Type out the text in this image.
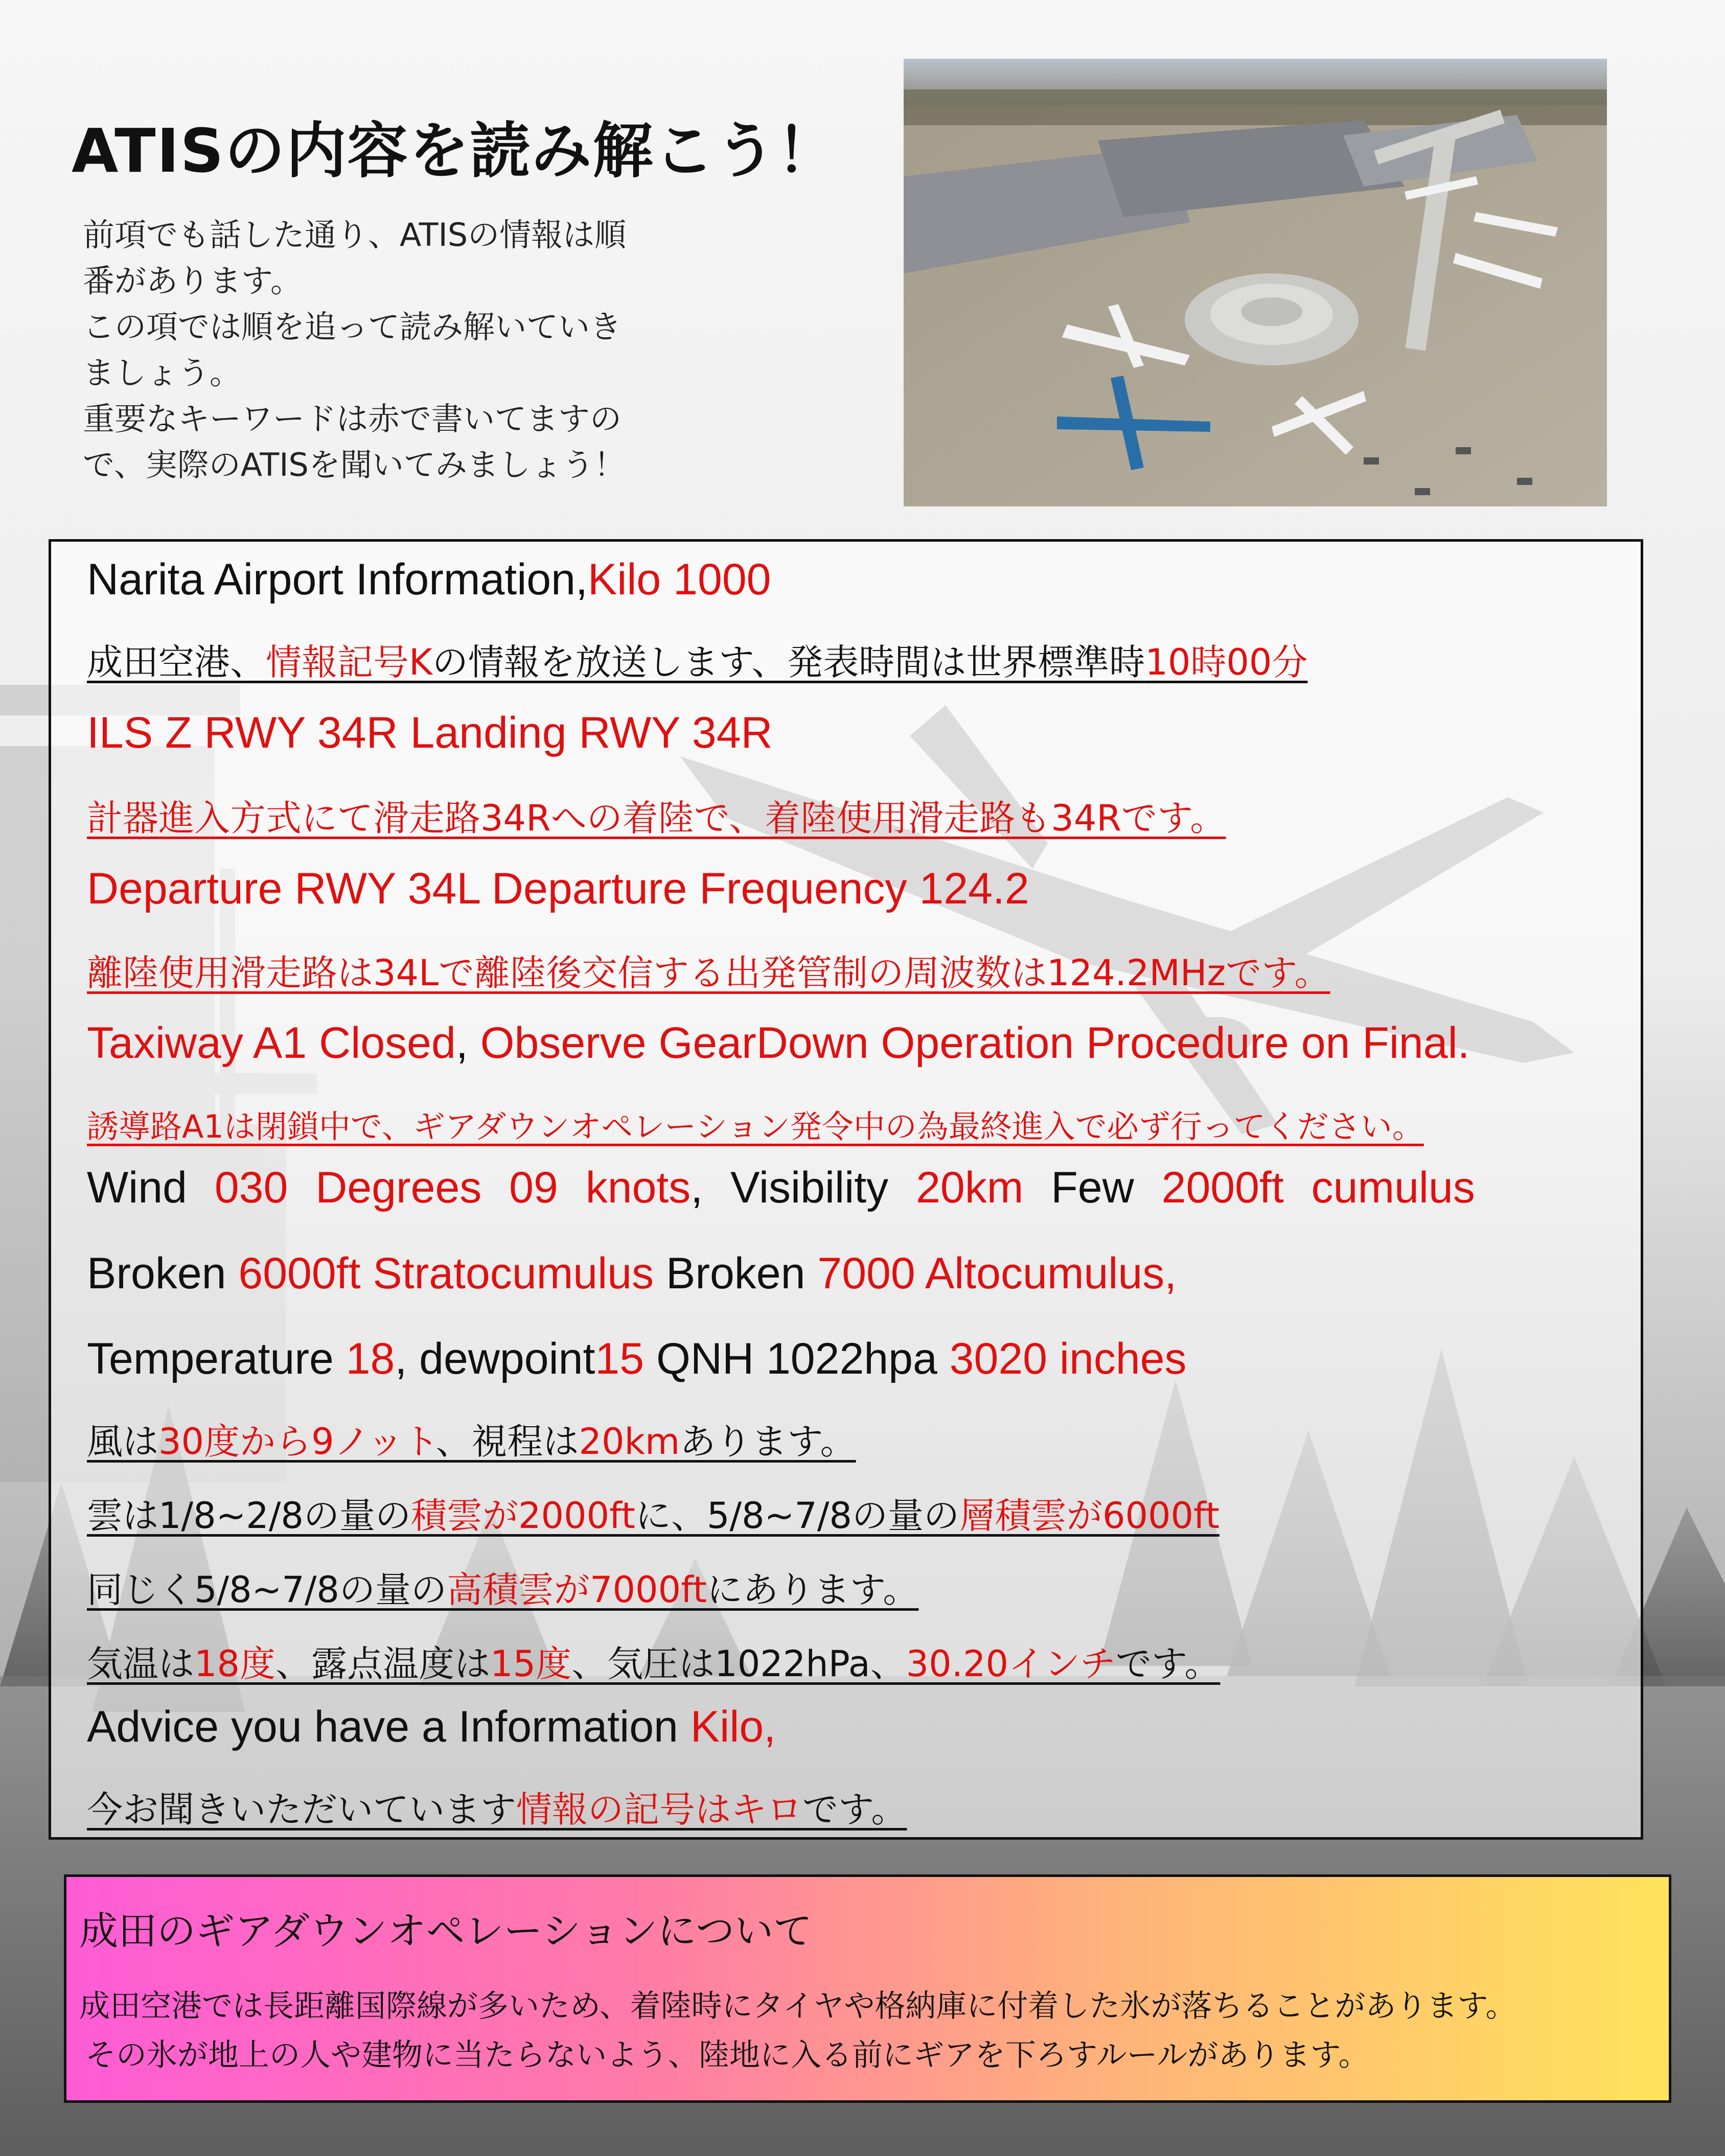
ATISの内容を読み解こう！
前項でも話した通り、ATISの情報は順
番があります。
この項では順を追って読み解いていき
ましょう。
重要なキーワードは赤で書いてますの
で、実際のATISを聞いてみましょう！
Narita Airport Information,Kilo 1000
成田空港、情報記号Kの情報を放送します、発表時間は世界標準時10時00分
ILS Z RWY 34R Landing RWY 34R
計器進入方式にて滑走路34Rへの着陸で、着陸使用滑走路も34Rです。
Departure RWY 34L Departure Frequency 124.2
離陸使用滑走路は34Lで離陸後交信する出発管制の周波数は124.2MHzです。
Taxiway A1 Closed, Observe GearDown Operation Procedure on Final.
誘導路A1は閉鎖中で、ギアダウンオペレーション発令中の為最終進入で必ず行ってください。
Wind 030 Degrees 09 knots, Visibility 20km Few 2000ft cumulus
Broken 6000ft Stratocumulus Broken 7000 Altocumulus,
Temperature 18, dewpoint15 QNH 1022hpa 3020 inches
風は30度から9ノット、視程は20kmあります。
雲は1/8~2/8の量の積雲が2000ftに、5/8~7/8の量の層積雲が6000ft
同じく5/8~7/8の量の高積雲が7000ftにあります。
気温は18度、露点温度は15度、気圧は1022hPa、30.20インチです。
Advice you have a Information Kilo,
今お聞きいただいています情報の記号はキロです。
成田のギアダウンオペレーションについて
成田空港では長距離国際線が多いため、着陸時にタイヤや格納庫に付着した氷が落ちることがあります。
その氷が地上の人や建物に当たらないよう、陸地に入る前にギアを下ろすルールがあります。
